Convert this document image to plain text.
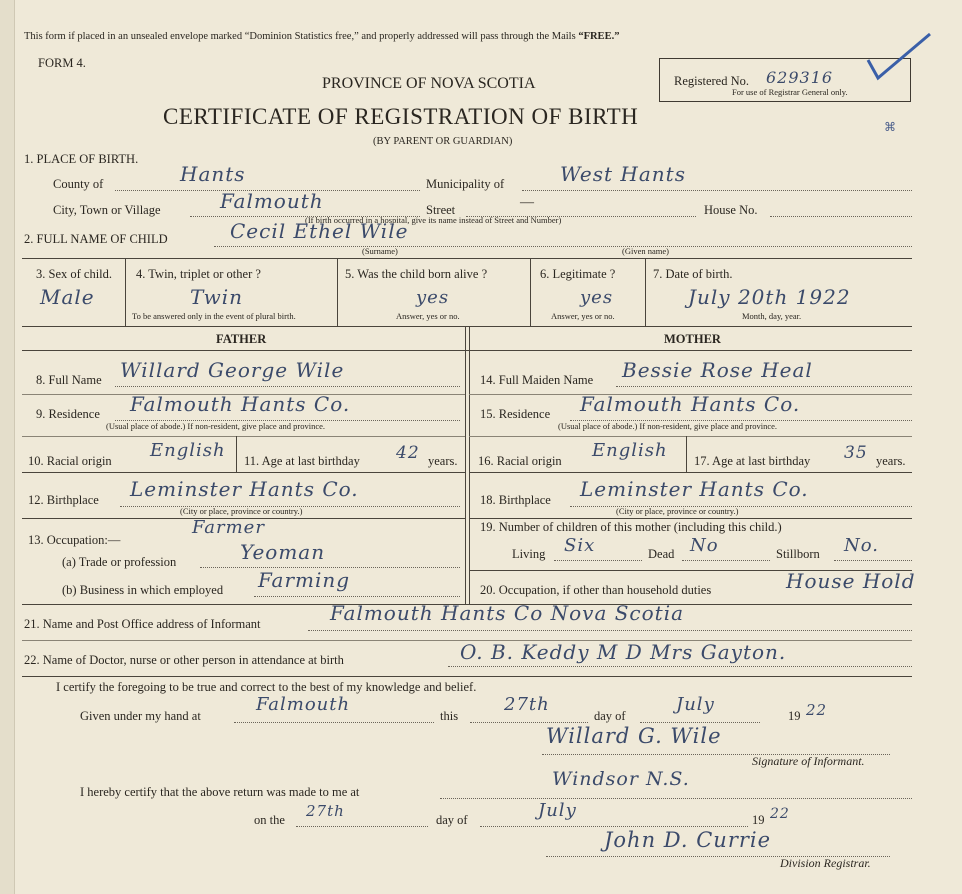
This form if placed in an unsealed envelope marked “Dominion Statistics free,” and properly addressed will pass through the Mails “FREE.”
FORM 4.
PROVINCE OF NOVA SCOTIA
CERTIFICATE OF REGISTRATION OF BIRTH
(BY PARENT OR GUARDIAN)
Registered No. 629316
For use of Registrar General only.
⌘
1. PLACE OF BIRTH.
County of	Hants	Municipality of	West Hants
City, Town or Village	Falmouth	Street	—	House No.
(If birth occurred in a hospital, give its name instead of Street and Number)
2. FULL NAME OF CHILD	Cecil Ethel Wile
(Surname)	(Given name)
3. Sex of child.
Male
4. Twin, triplet or other ?
Twin
To be answered only in the event of plural birth.
5. Was the child born alive ?
yes
Answer, yes or no.
6. Legitimate ?
yes
Answer, yes or no.
7. Date of birth.
July 20th 1922
Month, day, year.
FATHER	MOTHER
8. Full Name Willard George Wile
9. Residence Falmouth Hants Co.
(Usual place of abode.) If non-resident, give place and province.
10. Racial origin English 11. Age at last birthday 42 years.
12. Birthplace Leminster Hants Co.
(City or place, province or country.)
13. Occupation:—
Farmer
(a) Trade or profession	Yeoman
(b) Business in which employed Farming
14. Full Maiden Name Bessie Rose Heal
15. Residence Falmouth Hants Co.
(Usual place of abode.) If non-resident, give place and province.
16. Racial origin English 17. Age at last birthday 35 years.
18. Birthplace Leminster Hants Co.
(City or place, province or country.)
19. Number of children of this mother (including this child.)
Living Six	Dead No	Stillborn No.
20. Occupation, if other than household duties	House Hold
21. Name and Post Office address of Informant	Falmouth Hants Co Nova Scotia
22. Name of Doctor, nurse or other person in attendance at birth	O. B. Keddy M D Mrs Gayton.
I certify the foregoing to be true and correct to the best of my knowledge and belief.
Given under my hand at
Falmouth
this
27th
day of
July
19 22
Willard G. Wile
Signature of Informant.
I hereby certify that the above return was made to me at
Windsor N.S.
on the 27th	day of	July	19 22
John D. Currie
Division Registrar.
